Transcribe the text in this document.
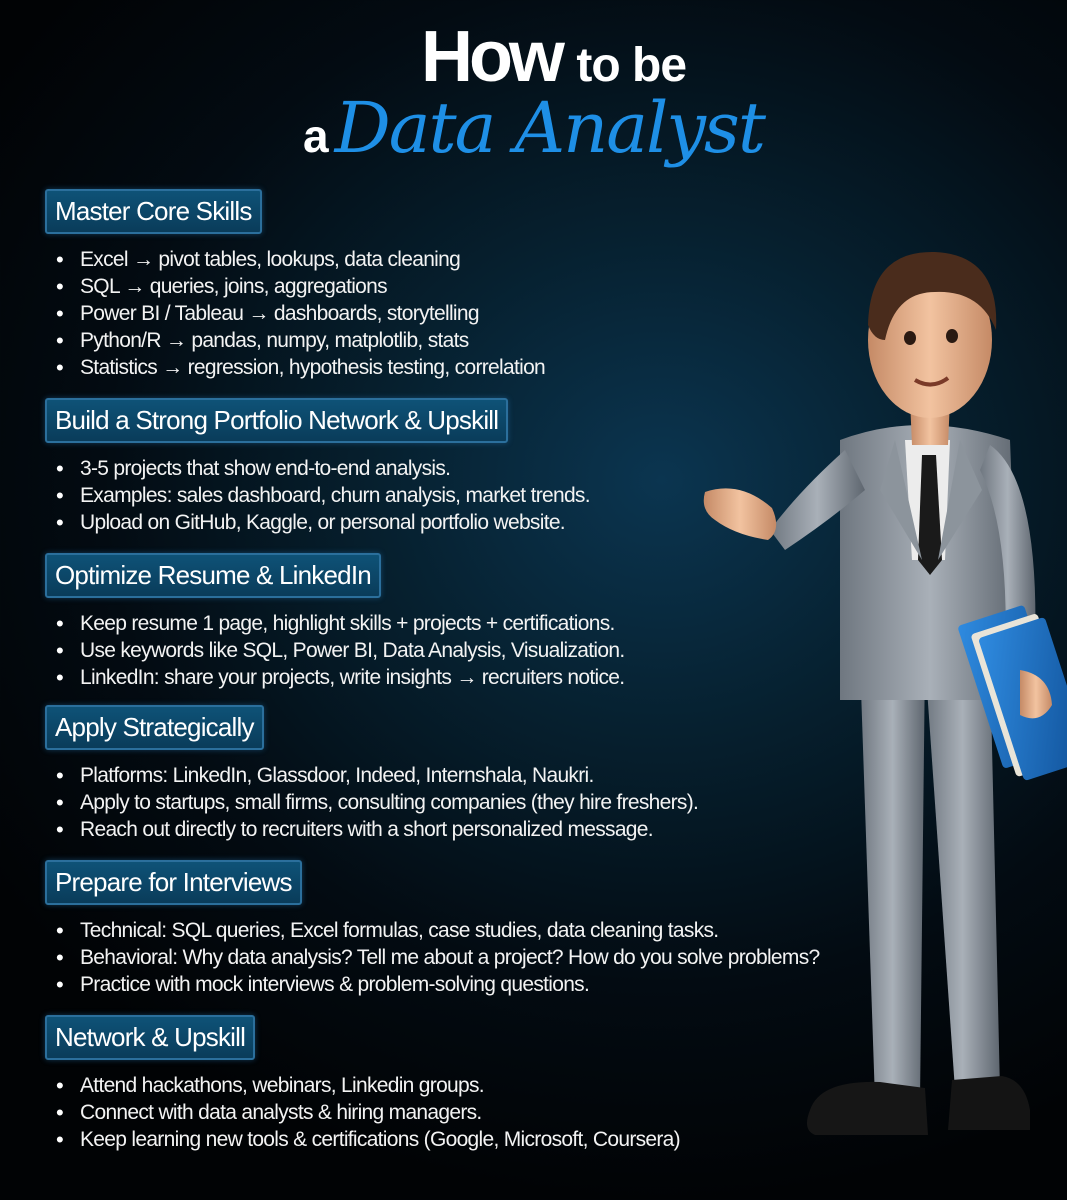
How to be
aData Analyst
Master Core Skills
• Excel → pivot tables, lookups, data cleaning
• SQL → queries, joins, aggregations
• Power BI / Tableau → dashboards, storytelling
• Python/R → pandas, numpy, matplotlib, stats
• Statistics → regression, hypothesis testing, correlation
Build a Strong Portfolio Network & Upskill
• 3-5 projects that show end-to-end analysis.
• Examples: sales dashboard, churn analysis, market trends.
• Upload on GitHub, Kaggle, or personal portfolio website.
Optimize Resume & LinkedIn
• Keep resume 1 page, highlight skills + projects + certifications.
• Use keywords like SQL, Power BI, Data Analysis, Visualization.
• LinkedIn: share your projects, write insights → recruiters notice.
Apply Strategically
• Platforms: LinkedIn, Glassdoor, Indeed, Internshala, Naukri.
• Apply to startups, small firms, consulting companies (they hire freshers).
• Reach out directly to recruiters with a short personalized message.
Prepare for Interviews
• Technical: SQL queries, Excel formulas, case studies, data cleaning tasks.
• Behavioral: Why data analysis? Tell me about a project? How do you solve problems?
• Practice with mock interviews & problem-solving questions.
Network & Upskill
• Attend hackathons, webinars, Linkedin groups.
• Connect with data analysts & hiring managers.
• Keep learning new tools & certifications (Google, Microsoft, Coursera)
